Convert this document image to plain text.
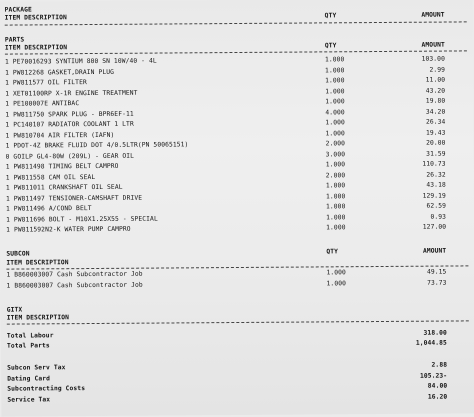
PACKAGE
ITEM DESCRIPTION	QTY	AMOUNT
PARTS
ITEM DESCRIPTION	QTY	AMOUNT
1 PE70016293 SYNTIUM 800 SN 10W/40 - 4L	1.000	103.00
1 PW812268 GASKET,DRAIN PLUG	1.000	2.99
1 PW811577 OIL FILTER	1.000	11.00
1 XET01100RP X-1R ENGINE TREATMENT	1.000	43.20
1 PE100007E ANTIBAC	1.000	19.80
1 PW811750 SPARK PLUG - BPR6EF-11	4.000	34.20
1 PC140107 RADIATOR COOLANT 1 LTR	1.000	26.34
1 PW810704 AIR FILTER (IAFN)	1.000	19.43
1 PDOT-4Z BRAKE FLUID DOT 4/0.5LTR(PN 50065151)	2.000	20.00
0 GOILP GL4-80W (209L) - GEAR OIL	3.000	31.59
1 PW811498 TIMING BELT CAMPRO	1.000	110.73
1 PW811558 CAM OIL SEAL	2.000	26.32
1 PW811011 CRANKSHAFT OIL SEAL	1.000	43.18
1 PW811497 TENSIONER-CAMSHAFT DRIVE	1.000	129.19
1 PW811496 A/COND BELT	1.000	62.59
1 PW811696 BOLT - M10X1.25X55 - SPECIAL	1.000	0.93
1 PW811592N2-K WATER PUMP CAMPRO	1.000	127.00
SUBCON	QTY	AMOUNT
ITEM DESCRIPTION
1 B860003007 Cash Subcontractor Job	1.000	49.15
1 B860003007 Cash Subcontractor Job	1.000	73.73
GITX
ITEM DESCRIPTION
Total Labour	318.00
Total Parts	1,044.85
Subcon Serv Tax	2.88
Dating Card	105.23-
Subcontracting Costs	84.00
Service Tax	16.20
